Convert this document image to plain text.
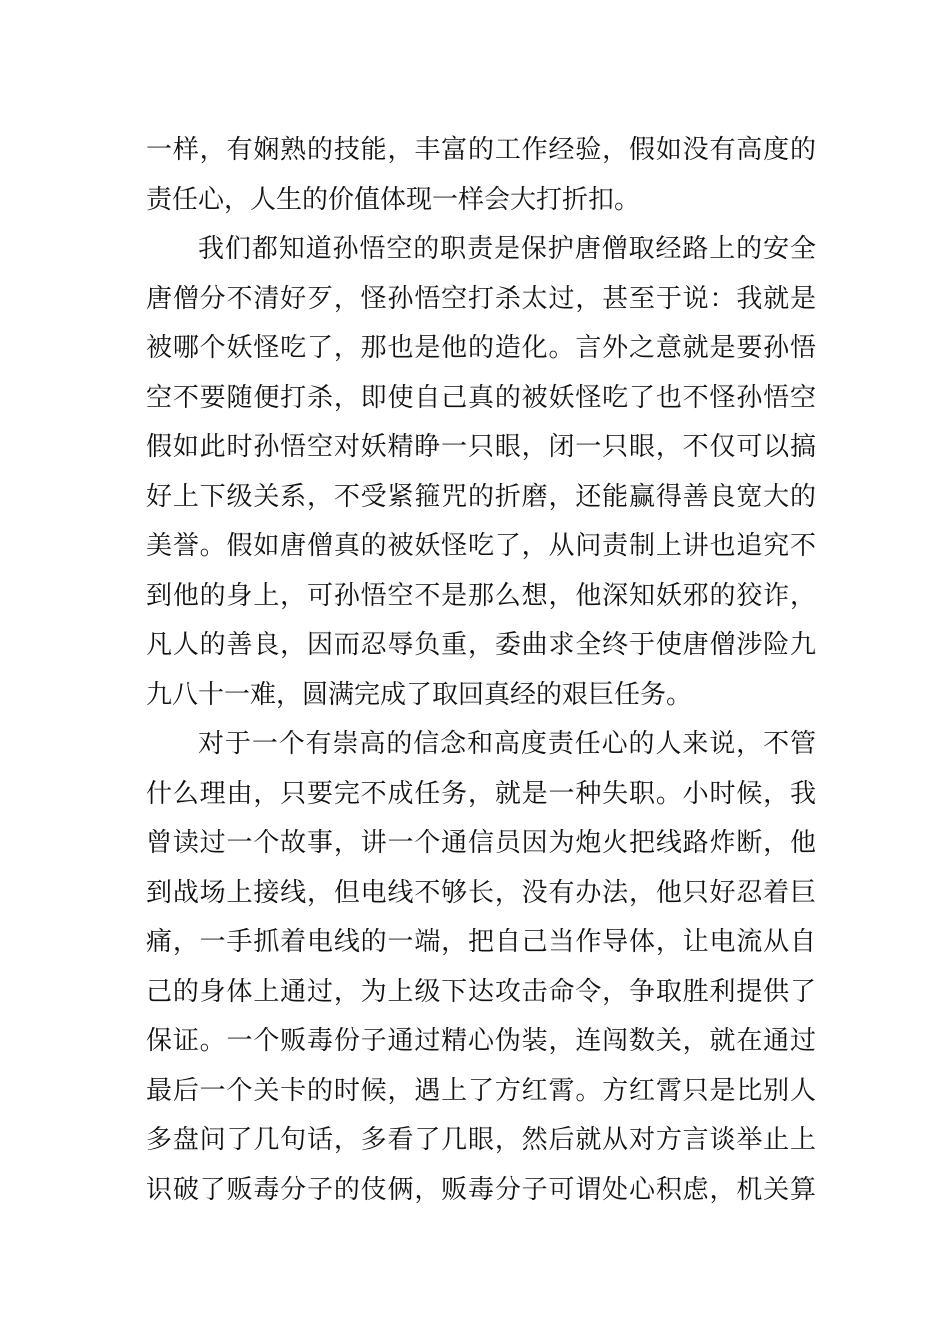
一样，有娴熟的技能，丰富的工作经验，假如没有高度的
责任心，人生的价值体现一样会大打折扣。
我们都知道孙悟空的职责是保护唐僧取经路上的安全
唐僧分不清好歹，怪孙悟空打杀太过，甚至于说：我就是
被哪个妖怪吃了，那也是他的造化。言外之意就是要孙悟
空不要随便打杀，即使自己真的被妖怪吃了也不怪孙悟空
假如此时孙悟空对妖精睁一只眼，闭一只眼，不仅可以搞
好上下级关系，不受紧箍咒的折磨，还能赢得善良宽大的
美誉。假如唐僧真的被妖怪吃了，从问责制上讲也追究不
到他的身上，可孙悟空不是那么想，他深知妖邪的狡诈，
凡人的善良，因而忍辱负重，委曲求全终于使唐僧涉险九
九八十一难，圆满完成了取回真经的艰巨任务。
对于一个有崇高的信念和高度责任心的人来说，不管
什么理由，只要完不成任务，就是一种失职。小时候，我
曾读过一个故事，讲一个通信员因为炮火把线路炸断，他
到战场上接线，但电线不够长，没有办法，他只好忍着巨
痛，一手抓着电线的一端，把自己当作导体，让电流从自
己的身体上通过，为上级下达攻击命令，争取胜利提供了
保证。一个贩毒份子通过精心伪装，连闯数关，就在通过
最后一个关卡的时候，遇上了方红霄。方红霄只是比别人
多盘问了几句话，多看了几眼，然后就从对方言谈举止上
识破了贩毒分子的伎俩，贩毒分子可谓处心积虑，机关算
